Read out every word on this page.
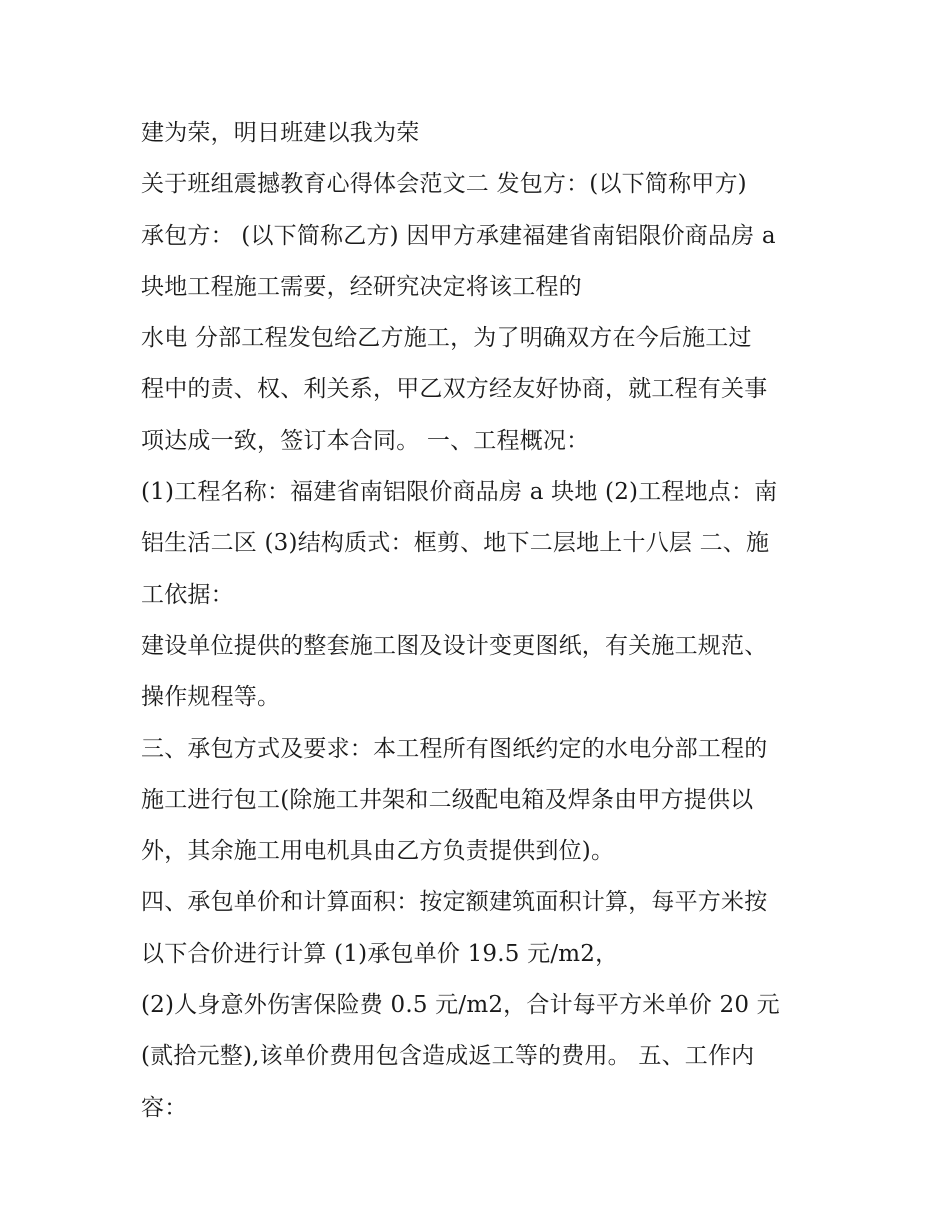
建为荣，明日班建以我为荣
关于班组震撼教育心得体会范文二 发包方：(以下简称甲方)
承包方： (以下简称乙方) 因甲方承建福建省南铝限价商品房 a
块地工程施工需要，经研究决定将该工程的
水电 分部工程发包给乙方施工，为了明确双方在今后施工过
程中的责、权、利关系，甲乙双方经友好协商，就工程有关事
项达成一致，签订本合同。 一、工程概况：
(1)工程名称：福建省南铝限价商品房 a 块地 (2)工程地点：南
铝生活二区 (3)结构质式：框剪、地下二层地上十八层 二、施
工依据：
建设单位提供的整套施工图及设计变更图纸，有关施工规范、
操作规程等。
三、承包方式及要求：本工程所有图纸约定的水电分部工程的
施工进行包工(除施工井架和二级配电箱及焊条由甲方提供以
外，其余施工用电机具由乙方负责提供到位)。
四、承包单价和计算面积：按定额建筑面积计算，每平方米按
以下合价进行计算 (1)承包单价 19.5 元/m2，
(2)人身意外伤害保险费 0.5 元/m2，合计每平方米单价 20 元
(贰拾元整),该单价费用包含造成返工等的费用。 五、工作内
容：
